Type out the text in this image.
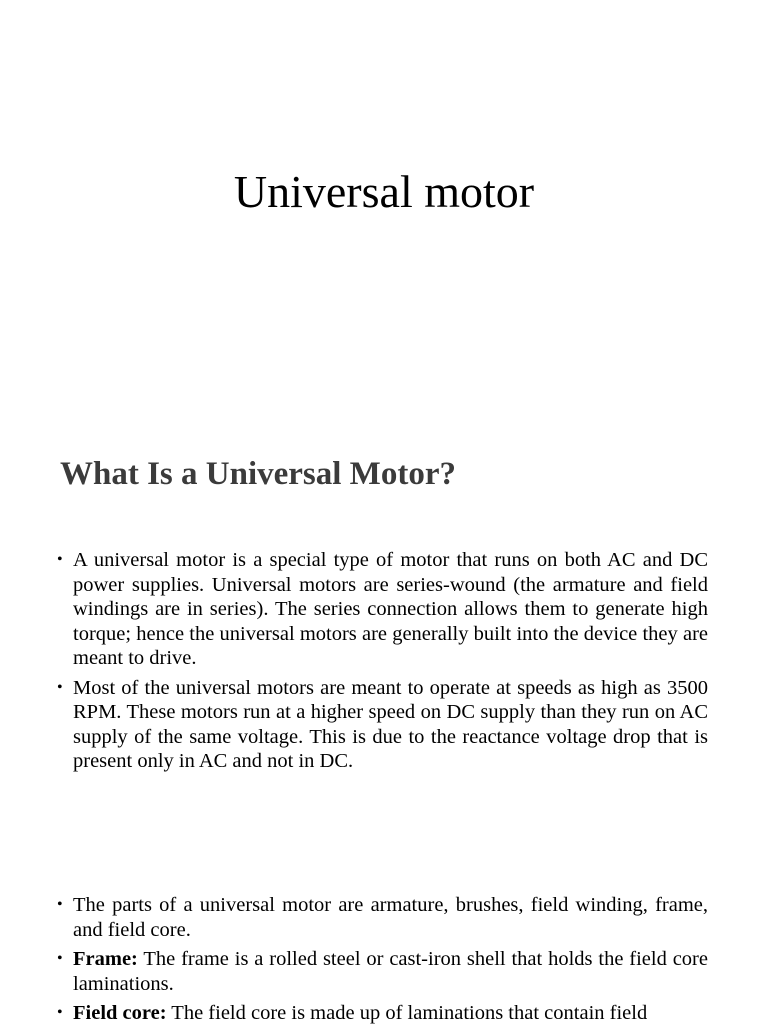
Universal motor
What Is a Universal Motor?
• A universal motor is a special type of motor that runs on both AC and DC power supplies. Universal motors are series-wound (the armature and field windings are in series). The series connection allows them to generate high torque; hence the universal motors are generally built into the device they are meant to drive.
• Most of the universal motors are meant to operate at speeds as high as 3500 RPM. These motors run at a higher speed on DC supply than they run on AC supply of the same voltage. This is due to the reactance voltage drop that is present only in AC and not in DC.
• The parts of a universal motor are armature, brushes, field winding, frame, and field core.
• Frame: The frame is a rolled steel or cast-iron shell that holds the field core laminations.
• Field core: The field core is made up of laminations that contain field
